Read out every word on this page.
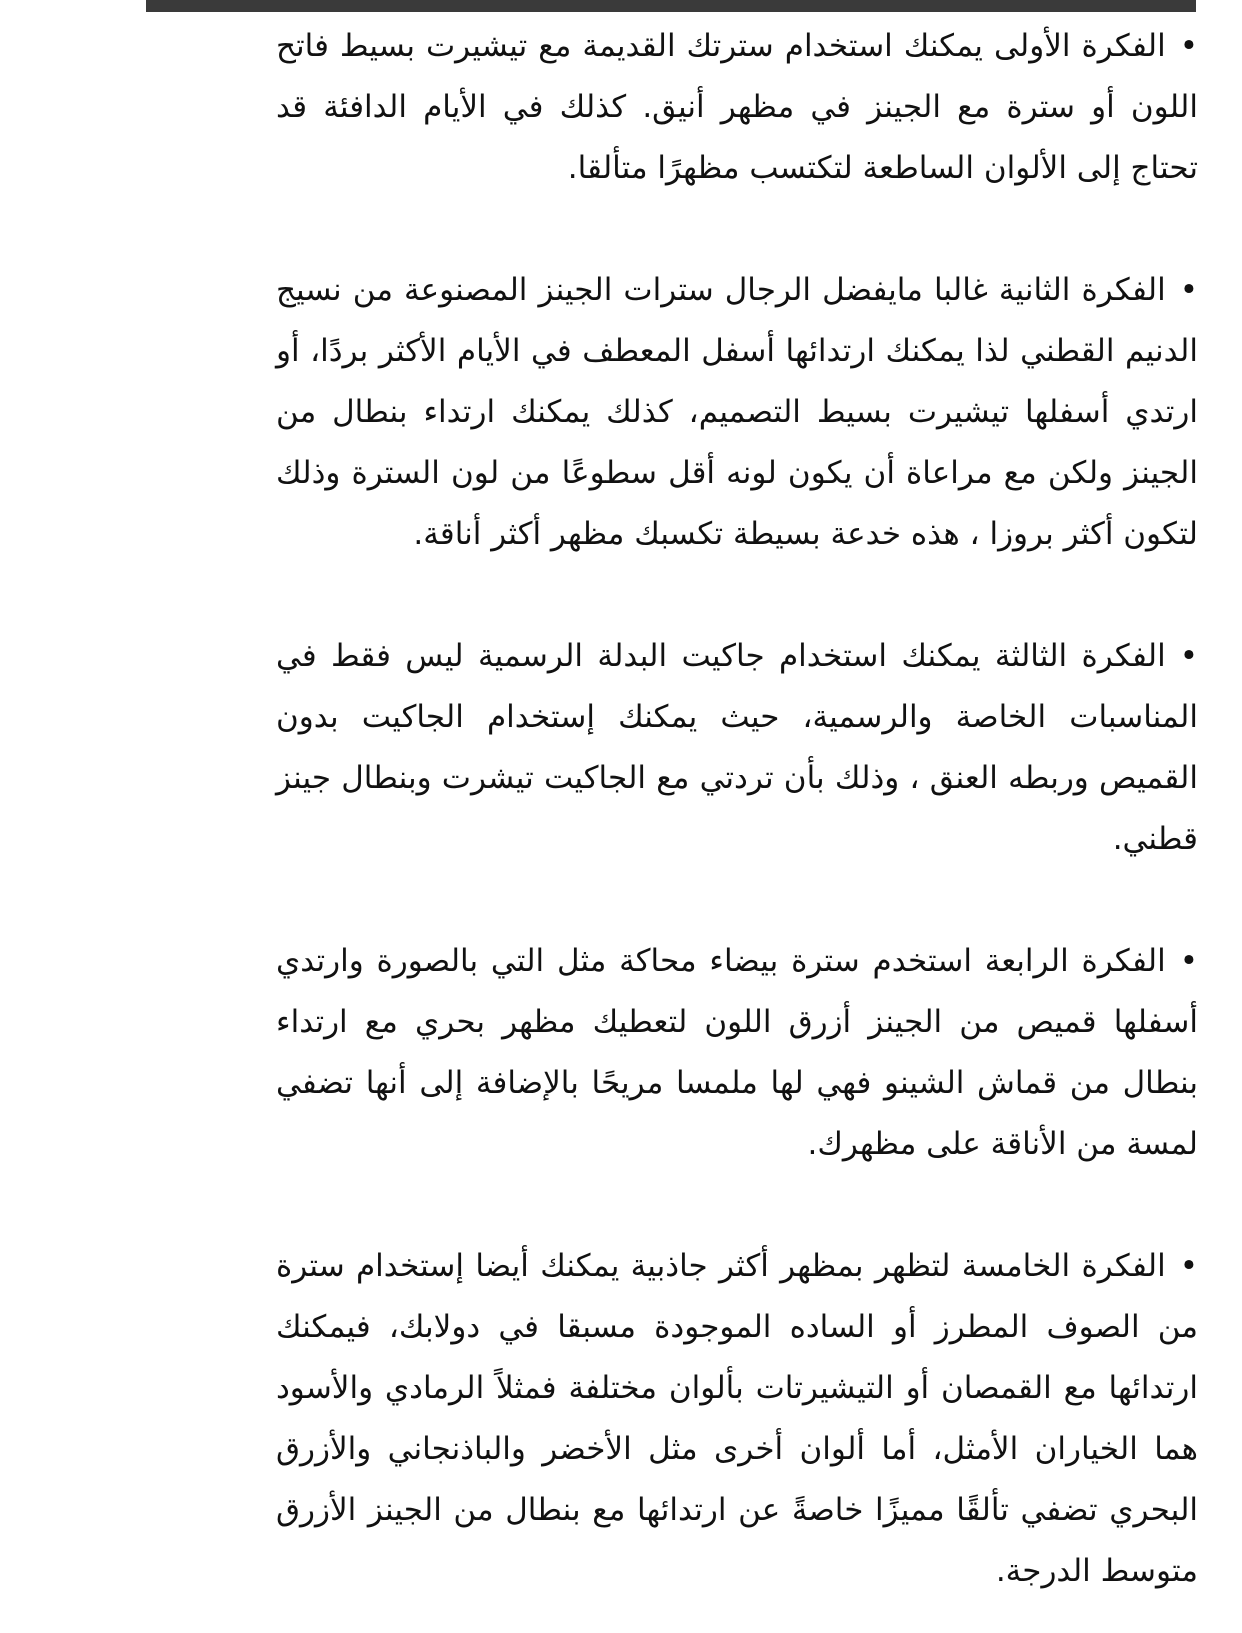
•الفكرة الأولى يمكنك استخدام سترتك القديمة مع تيشيرت بسيط فاتح اللون أو سترة مع الجينز في مظهر أنيق. كذلك في الأيام الدافئة قد تحتاج إلى الألوان الساطعة لتكتسب مظهرًا متألقا.

•الفكرة الثانية غالبا مايفضل الرجال سترات الجينز المصنوعة من نسيج الدنيم القطني لذا يمكنك ارتدائها أسفل المعطف في الأيام الأكثر بردًا، أو ارتدي أسفلها تيشيرت بسيط التصميم، كذلك يمكنك ارتداء بنطال من الجينز ولكن مع مراعاة أن يكون لونه أقل سطوعًا من لون السترة وذلك لتكون أكثر بروزا ، هذه خدعة بسيطة تكسبك مظهر أكثر أناقة.

•الفكرة الثالثة يمكنك استخدام جاكيت البدلة الرسمية ليس فقط في المناسبات الخاصة والرسمية، حيث يمكنك إستخدام الجاكيت بدون القميص وربطه العنق ، وذلك بأن تردتي مع الجاكيت تيشرت وبنطال جينز قطني.

•الفكرة الرابعة استخدم سترة بيضاء محاكة مثل التي بالصورة وارتدي أسفلها قميص من الجينز أزرق اللون لتعطيك مظهر بحري مع ارتداء بنطال من قماش الشينو فهي لها ملمسا مريحًا بالإضافة إلى أنها تضفي لمسة من الأناقة على مظهرك.

•الفكرة الخامسة لتظهر بمظهر أكثر جاذبية يمكنك أيضا إستخدام سترة من الصوف المطرز أو الساده الموجودة مسبقا في دولابك، فيمكنك ارتدائها مع القمصان أو التيشيرتات بألوان مختلفة فمثلاً الرمادي والأسود هما الخياران الأمثل، أما ألوان أخرى مثل الأخضر والباذنجاني والأزرق البحري تضفي تألقًا مميزًا خاصةً عن ارتدائها مع بنطال من الجينز الأزرق متوسط الدرجة.
